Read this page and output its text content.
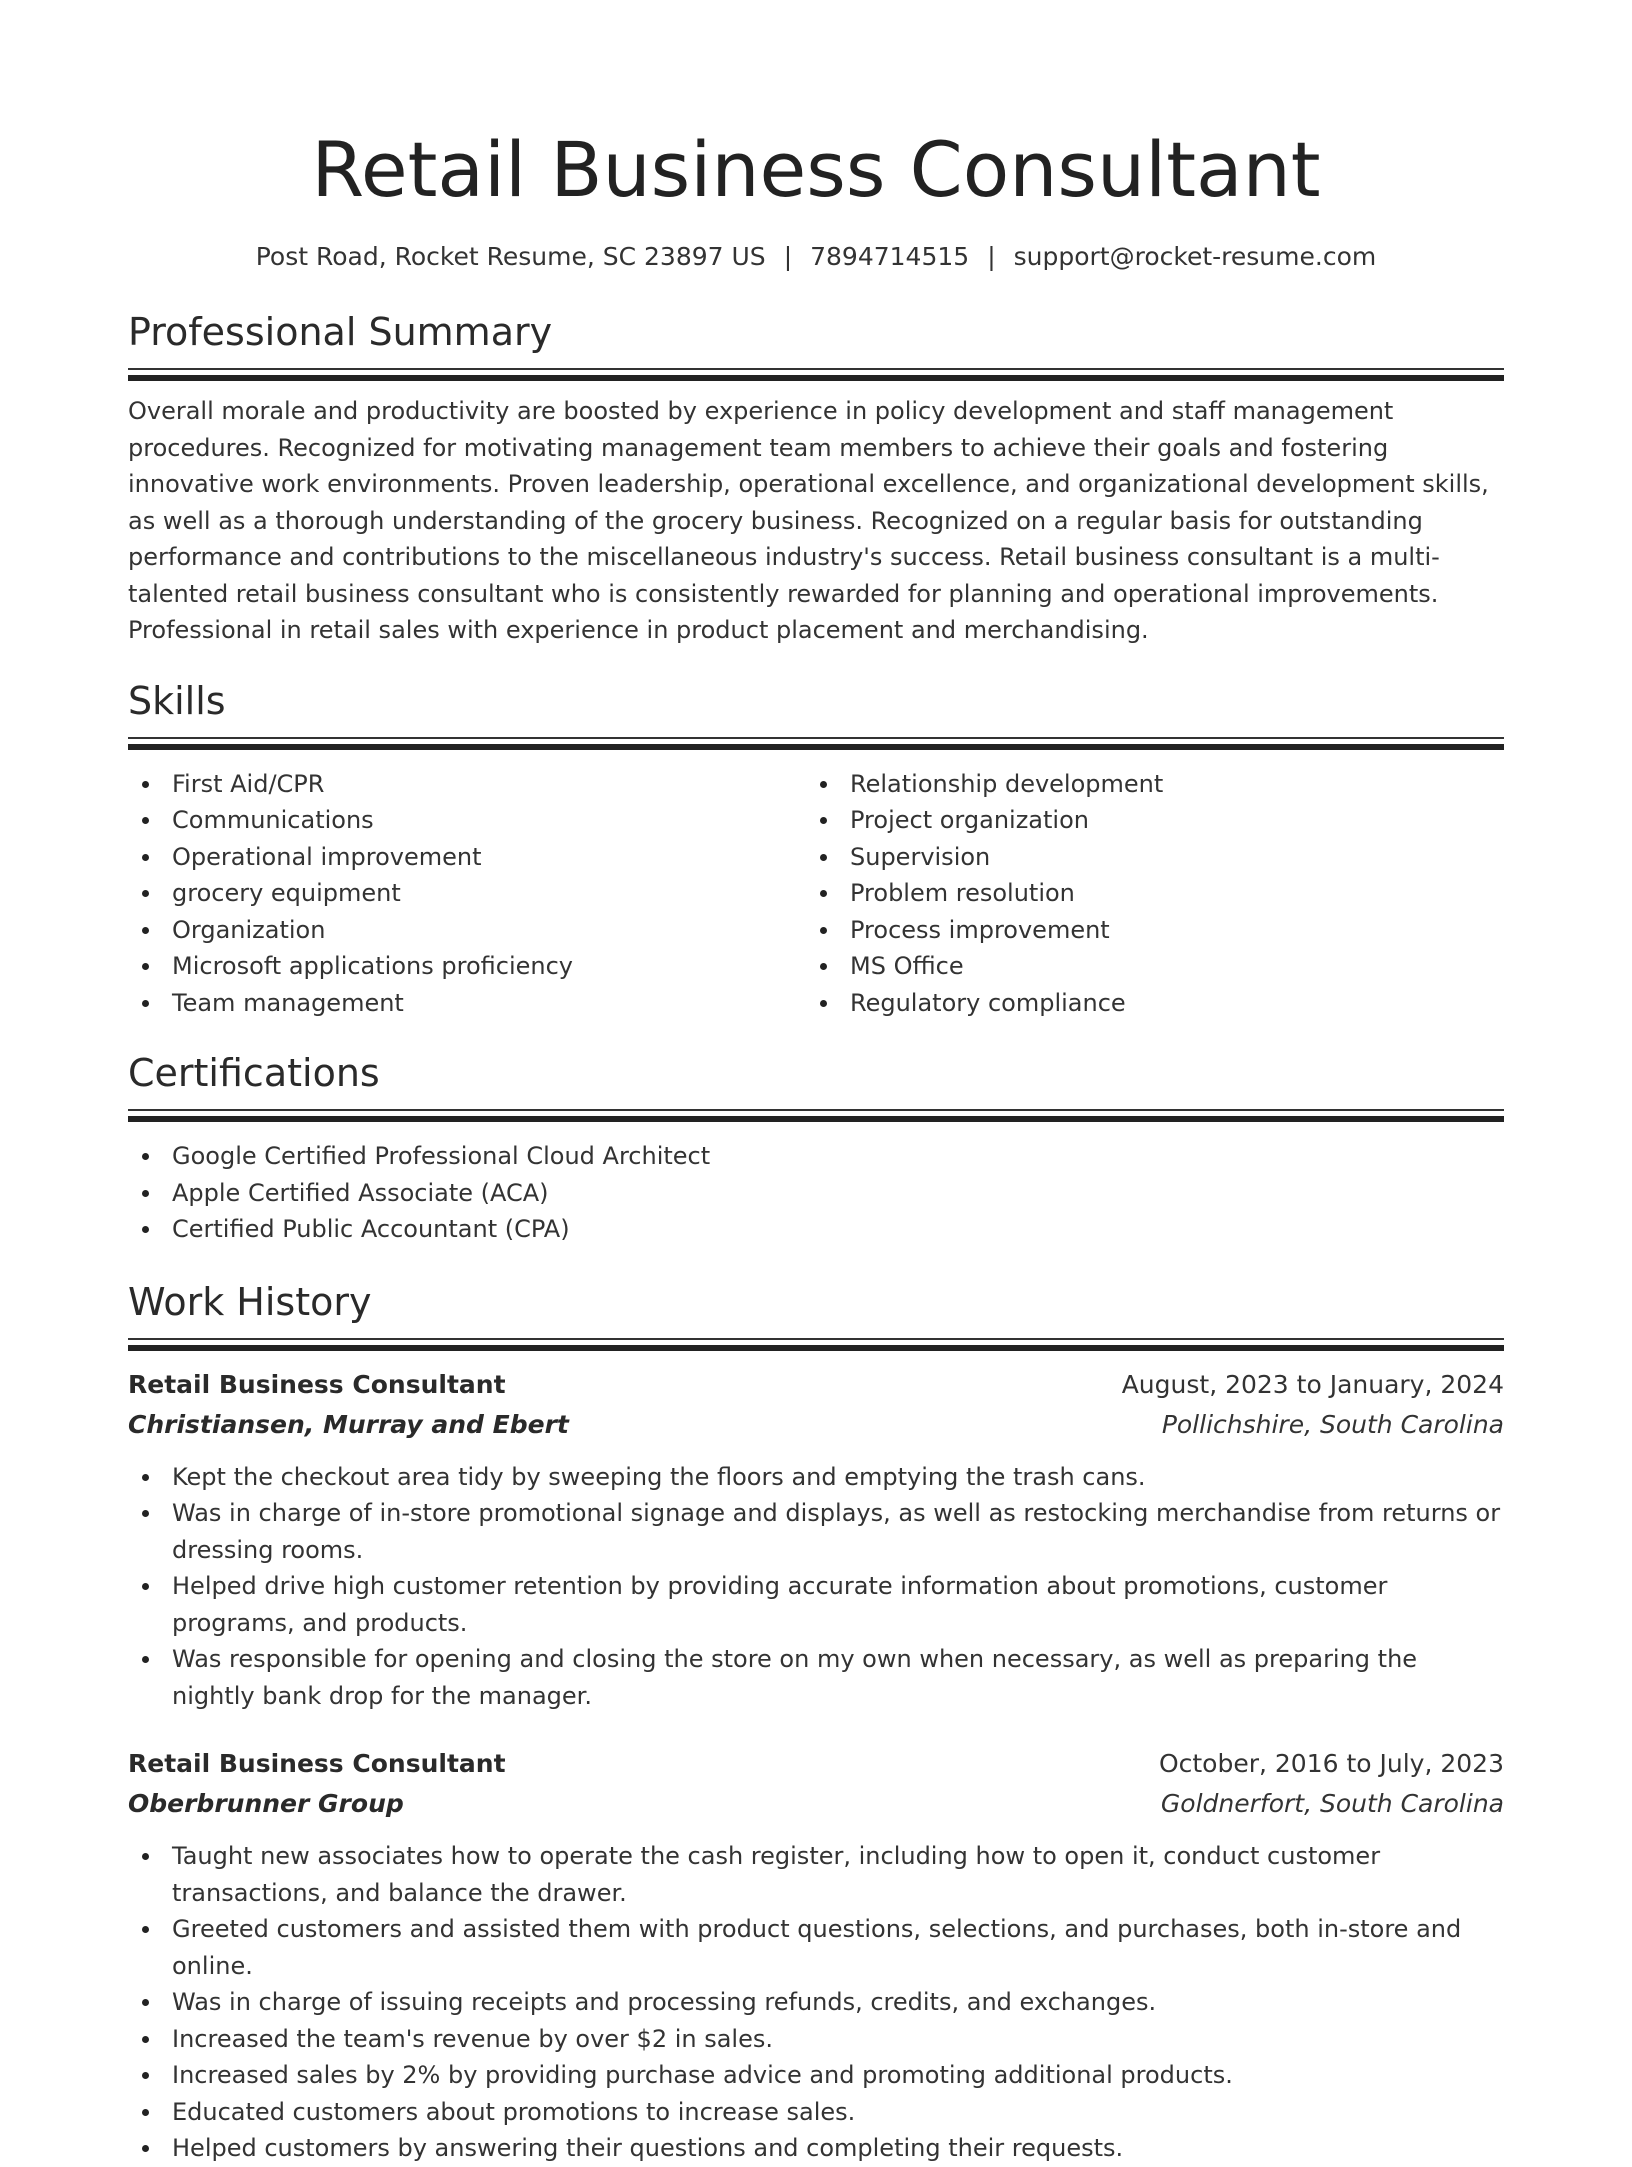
Retail Business Consultant
Post Road, Rocket Resume, SC 23897 US | 7894714515 | support@rocket-resume.com
Professional Summary

Overall morale and productivity are boosted by experience in policy development and staff management procedures. Recognized for motivating management team members to achieve their goals and fostering innovative work environments. Proven leadership, operational excellence, and organizational development skills, as well as a thorough understanding of the grocery business. Recognized on a regular basis for outstanding performance and contributions to the miscellaneous industry's success. Retail business consultant is a multi-talented retail business consultant who is consistently rewarded for planning and operational improvements. Professional in retail sales with experience in product placement and merchandising.

Skills
First Aid/CPR
Communications
Operational improvement
grocery equipment
Organization
Microsoft applications proficiency
Team management
Relationship development
Project organization
Supervision
Problem resolution
Process improvement
MS Office
Regulatory compliance
Certifications
Google Certified Professional Cloud Architect
Apple Certified Associate (ACA)
Certified Public Accountant (CPA)
Work History
Retail Business Consultant	August, 2023 to January, 2024
Christiansen, Murray and Ebert	Pollichshire, South Carolina
Kept the checkout area tidy by sweeping the floors and emptying the trash cans.
Was in charge of in-store promotional signage and displays, as well as restocking merchandise from returns or dressing rooms.
Helped drive high customer retention by providing accurate information about promotions, customer programs, and products.
Was responsible for opening and closing the store on my own when necessary, as well as preparing the nightly bank drop for the manager.
Retail Business Consultant	October, 2016 to July, 2023
Oberbrunner Group	Goldnerfort, South Carolina
Taught new associates how to operate the cash register, including how to open it, conduct customer transactions, and balance the drawer.
Greeted customers and assisted them with product questions, selections, and purchases, both in-store and online.
Was in charge of issuing receipts and processing refunds, credits, and exchanges.
Increased the team's revenue by over $2 in sales.
Increased sales by 2% by providing purchase advice and promoting additional products.
Educated customers about promotions to increase sales.
Helped customers by answering their questions and completing their requests.
